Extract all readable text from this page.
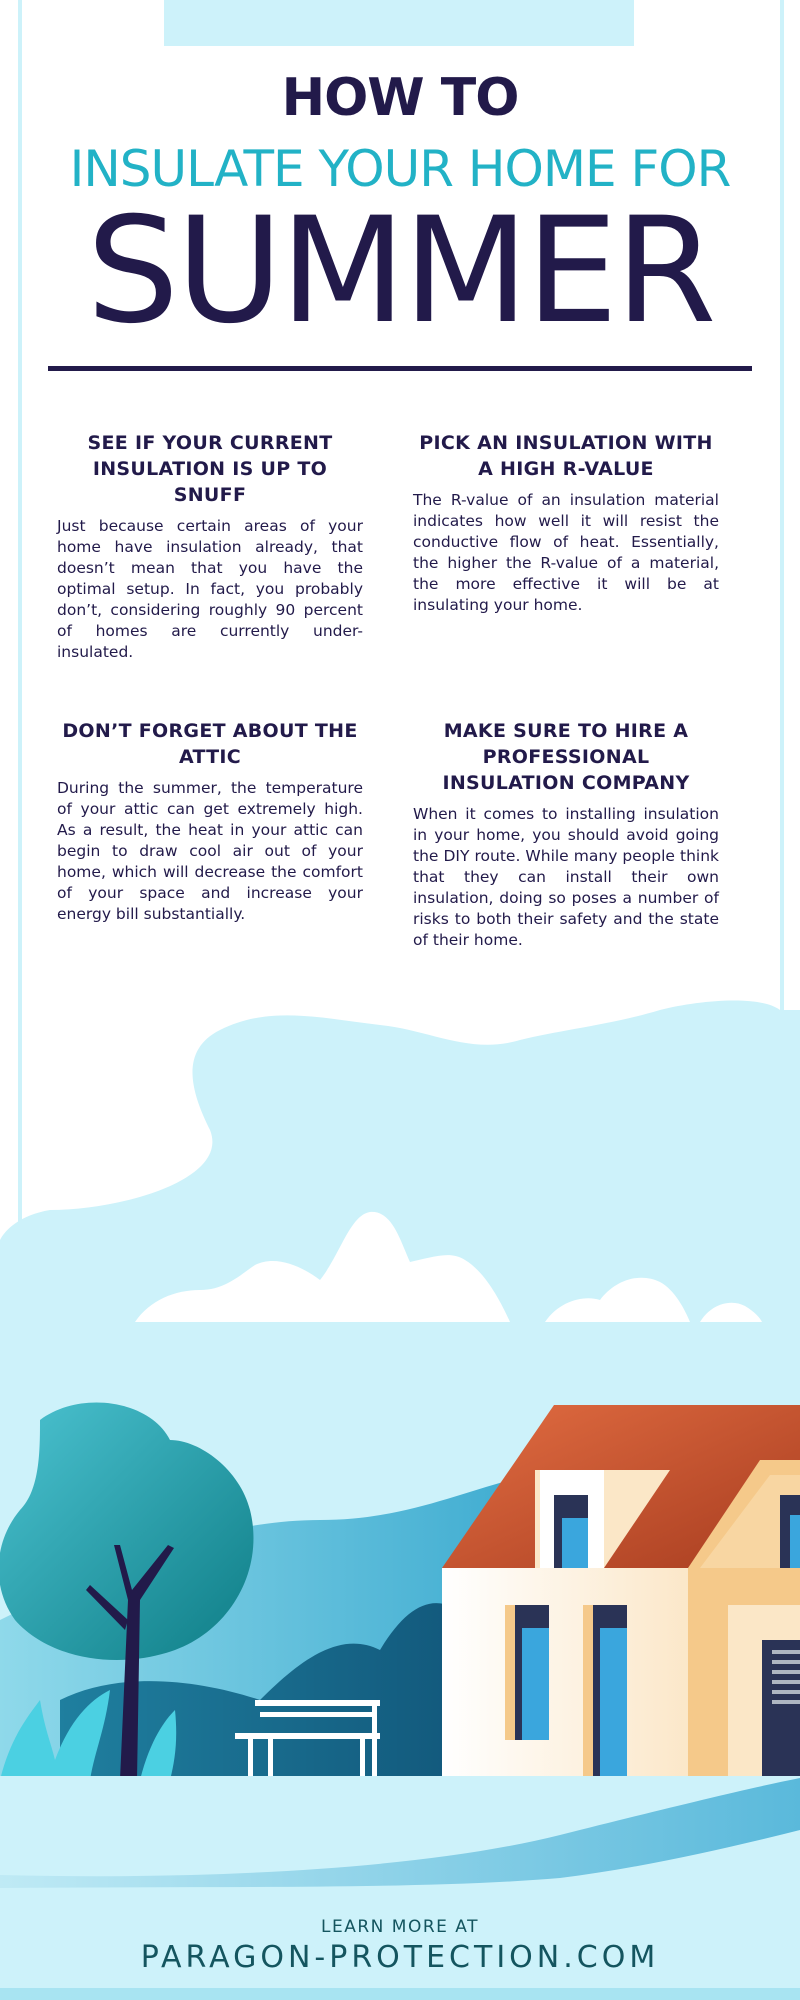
HOW TO
INSULATE YOUR HOME FOR
SUMMER
SEE IF YOUR CURRENT INSULATION IS UP TO SNUFF

Just because certain areas of your home have insulation already, that doesn’t mean that you have the optimal setup. In fact, you probably don’t, considering roughly 90 percent of homes are currently under-insulated.

PICK AN INSULATION WITH A HIGH R-VALUE

The R-value of an insulation material indicates how well it will resist the conductive flow of heat. Essentially, the higher the R-value of a material, the more effective it will be at insulating your home.

DON’T FORGET ABOUT THE ATTIC

During the summer, the temperature of your attic can get extremely high. As a result, the heat in your attic can begin to draw cool air out of your home, which will decrease the comfort of your space and increase your energy bill substantially.

MAKE SURE TO HIRE A PROFESSIONAL INSULATION COMPANY

When it comes to installing insulation in your home, you should avoid going the DIY route. While many people think that they can install their own insulation, doing so poses a number of risks to both their safety and the state of their home.

LEARN MORE AT
PARAGON-PROTECTION.COM
